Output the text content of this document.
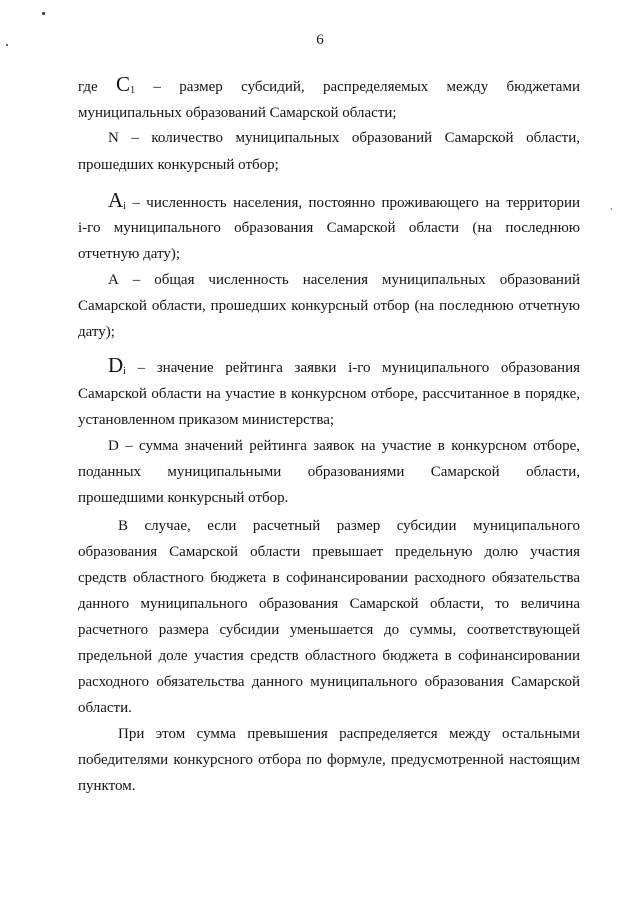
'
6
где $C_1$ – размер субсидий, распределяемых между бюджетами
муниципальных образований Самарской области;
N – количество муниципальных образований Самарской области,
прошедших конкурсный отбор;
$A_i$ – численность населения, постоянно проживающего на территории
i-го муниципального образования Самарской области (на последнюю
отчетную дату);
А – общая численность населения муниципальных образований
Самарской области, прошедших конкурсный отбор (на последнюю отчетную
дату);
$D_i$ – значение рейтинга заявки i-го муниципального образования
Самарской области на участие в конкурсном отборе, рассчитанное в порядке,
установленном приказом министерства;
D – сумма значений рейтинга заявок на участие в конкурсном отборе,
поданных муниципальными образованиями Самарской области,
прошедшими конкурсный отбор.
В случае, если расчетный размер субсидии муниципального
образования Самарской области превышает предельную долю участия
средств областного бюджета в софинансировании расходного обязательства
данного муниципального образования Самарской области, то величина
расчетного размера субсидии уменьшается до суммы, соответствующей
предельной доле участия средств областного бюджета в софинансировании
расходного обязательства данного муниципального образования Самарской
области.
При этом сумма превышения распределяется между остальными
победителями конкурсного отбора по формуле, предусмотренной настоящим
пунктом.
